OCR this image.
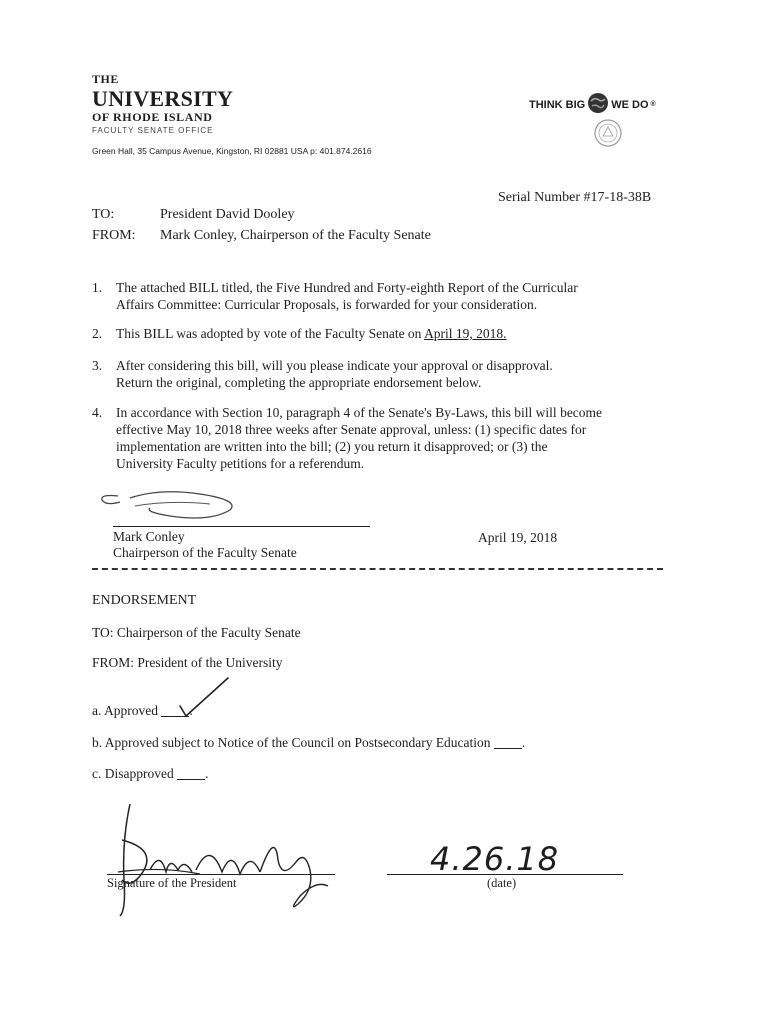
THE
UNIVERSITY
OF RHODE ISLAND
FACULTY SENATE OFFICE
Green Hall, 35 Campus Avenue, Kingston, RI 02881 USA p: 401.874.2616
THINK BIG WE DO ®
Serial Number #17-18-38B
TO:	President David Dooley
FROM: Mark Conley, Chairperson of the Faculty Senate
1. The attached BILL titled, the Five Hundred and Forty-eighth Report of the Curricular
Affairs Committee: Curricular Proposals, is forwarded for your consideration.
2. This BILL was adopted by vote of the Faculty Senate on April 19, 2018.
3. After considering this bill, will you please indicate your approval or disapproval.
Return the original, completing the appropriate endorsement below.
4. In accordance with Section 10, paragraph 4 of the Senate's By-Laws, this bill will become
effective May 10, 2018 three weeks after Senate approval, unless: (1) specific dates for
implementation are written into the bill; (2) you return it disapproved; or (3) the
University Faculty petitions for a referendum.
Mark Conley
Chairperson of the Faculty Senate
April 19, 2018
ENDORSEMENT
TO: Chairperson of the Faculty Senate
FROM: President of the University
a. Approved .
b. Approved subject to Notice of the Council on Postsecondary Education .
c. Disapproved .
Signature of the President
4.26.18
(date)
